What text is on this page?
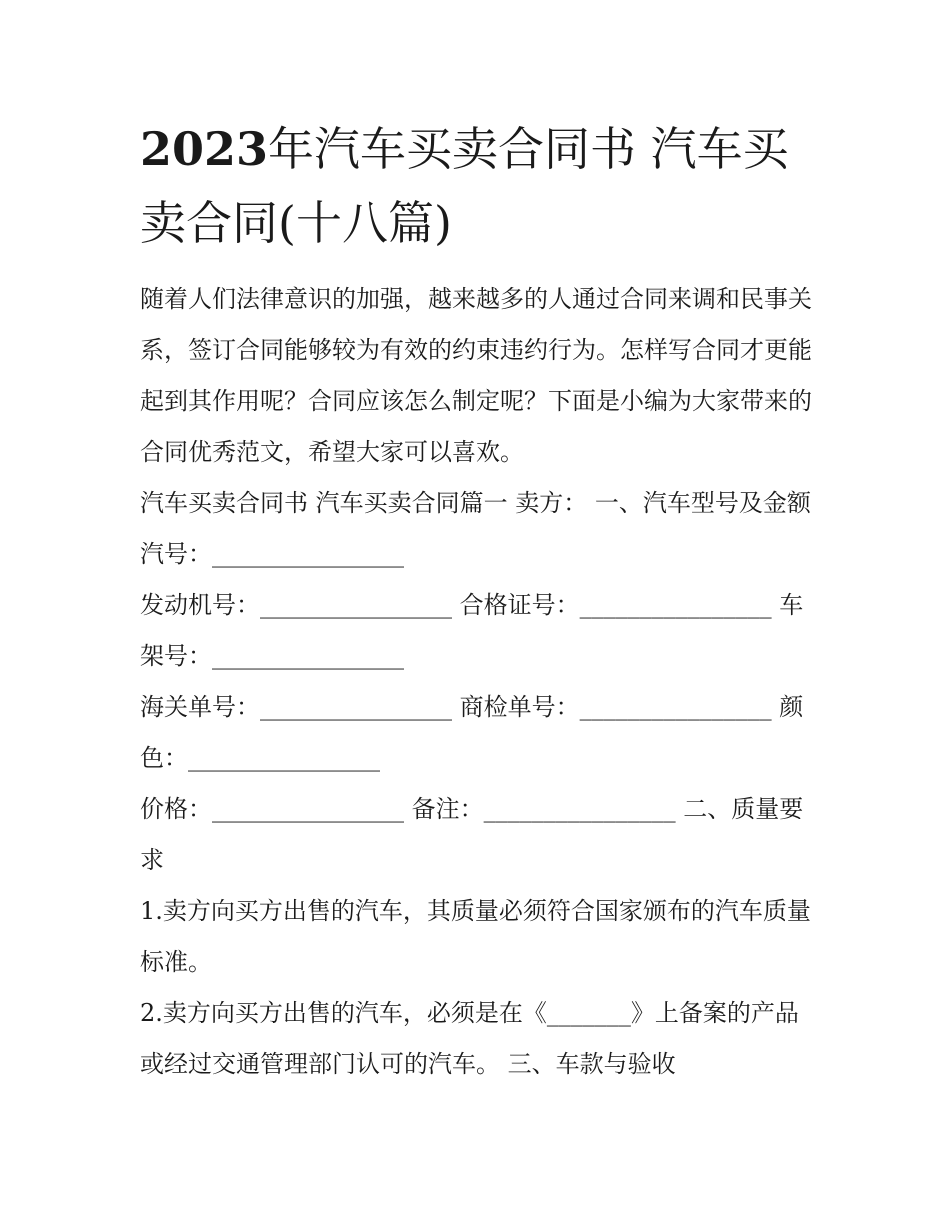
2023年汽车买卖合同书 汽车买卖合同(十八篇)

随着人们法律意识的加强，越来越多的人通过合同来调和民事关系，签订合同能够较为有效的约束违约行为。怎样写合同才更能起到其作用呢？合同应该怎么制定呢？下面是小编为大家带来的合同优秀范文，希望大家可以喜欢。

汽车买卖合同书 汽车买卖合同篇一 卖方： 一、汽车型号及金额 汽号：________________

发动机号：________________ 合格证号：________________ 车架号：________________

海关单号：________________ 商检单号：________________ 颜色：________________

价格：________________ 备注：________________ 二、质量要求

1.卖方向买方出售的汽车，其质量必须符合国家颁布的汽车质量标准。

2.卖方向买方出售的汽车，必须是在《_______》上备案的产品或经过交通管理部门认可的汽车。 三、车款与验收
